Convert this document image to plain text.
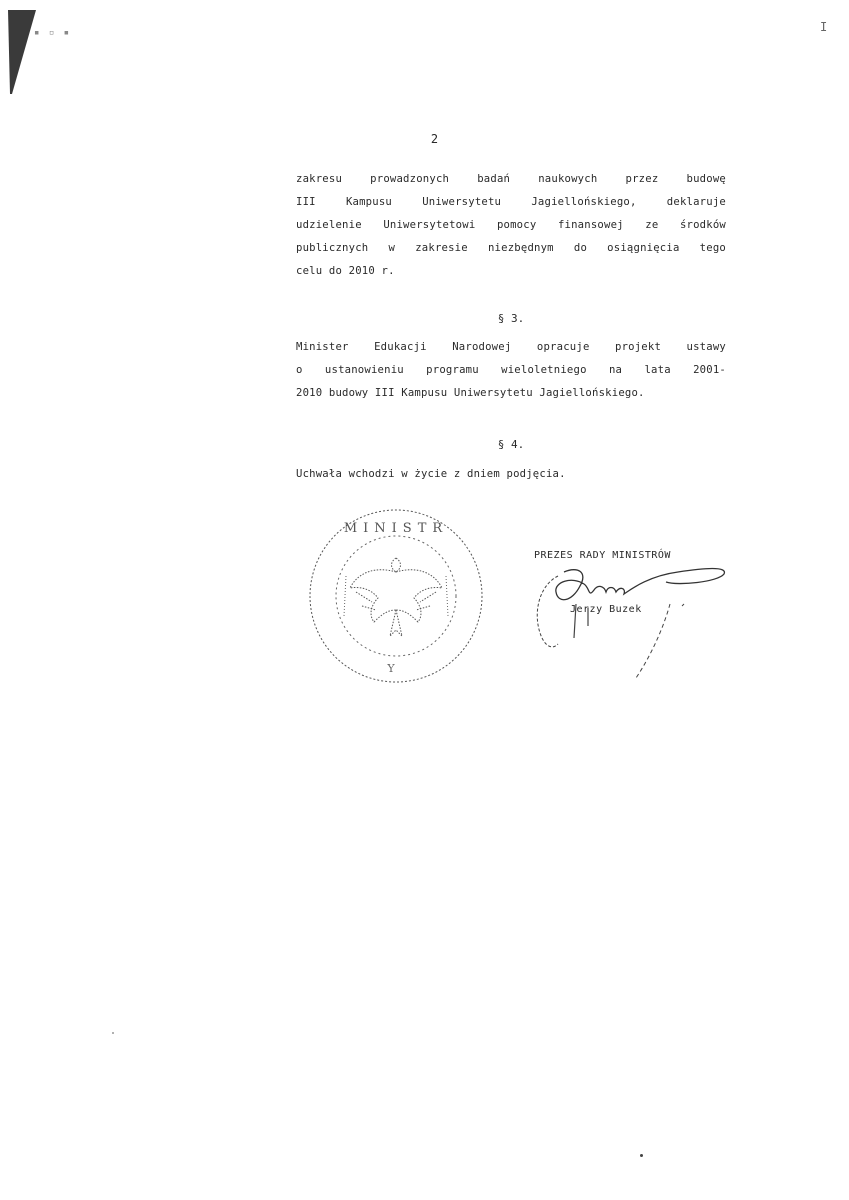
▪ ▫ ▪	I
2
zakresu prowadzonych badań naukowych przez budowę
III Kampusu Uniwersytetu Jagiellońskiego, deklaruje
udzielenie Uniwersytetowi pomocy finansowej ze środków
publicznych w zakresie niezbędnym do osiągnięcia tego
celu do 2010 r.
§ 3.
Minister Edukacji Narodowej opracuje projekt ustawy
o ustanowieniu programu wieloletniego na lata 2001-
2010 budowy III Kampusu Uniwersytetu Jagiellońskiego.
§ 4.
Uchwała wchodzi w życie z dniem podjęcia.
MINISTR
Y
PREZES RADY MINISTRÓW
Jerzy Buzek
